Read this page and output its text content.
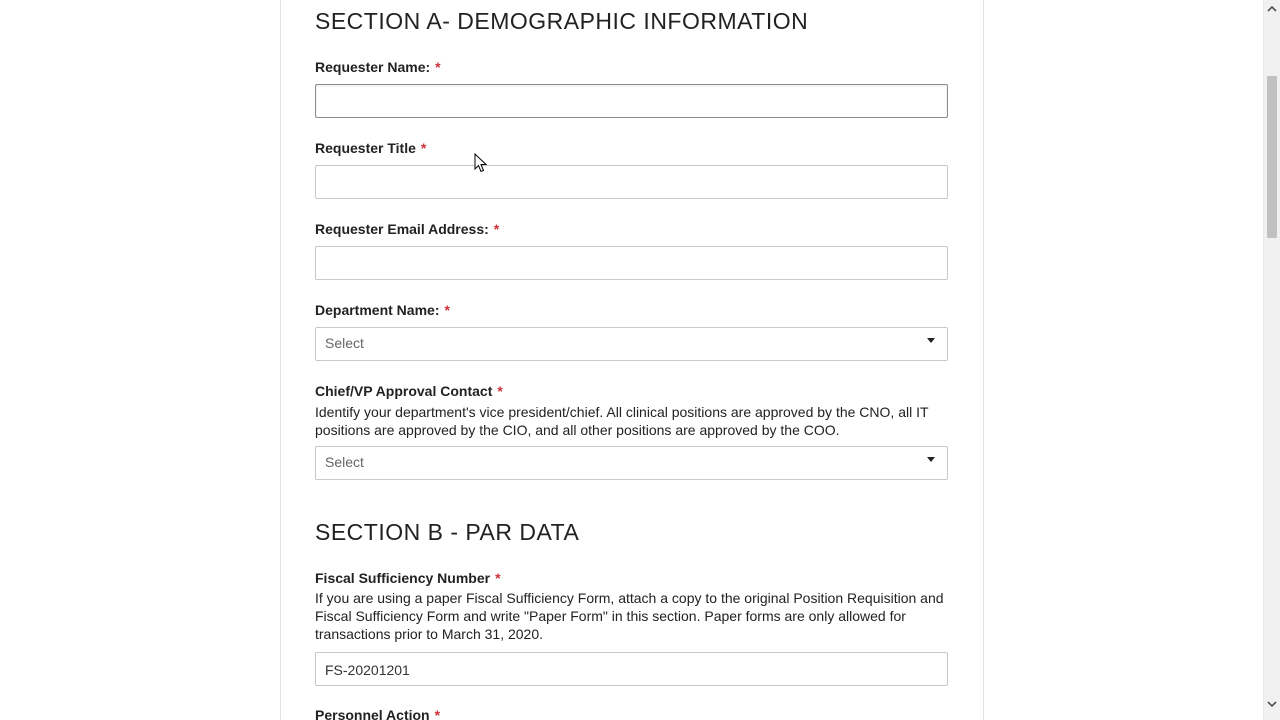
SECTION A- DEMOGRAPHIC INFORMATION
Requester Name: *
Requester Title *
Requester Email Address: *
Department Name: *
Select
Chief/VP Approval Contact *
Identify your department's vice president/chief. All clinical positions are approved by the CNO, all IT positions are approved by the CIO, and all other positions are approved by the COO.
Select
SECTION B - PAR DATA
Fiscal Sufficiency Number *
If you are using a paper Fiscal Sufficiency Form, attach a copy to the original Position Requisition and Fiscal Sufficiency Form and write "Paper Form" in this section. Paper forms are only allowed for transactions prior to March 31, 2020.
FS-20201201
Personnel Action *
